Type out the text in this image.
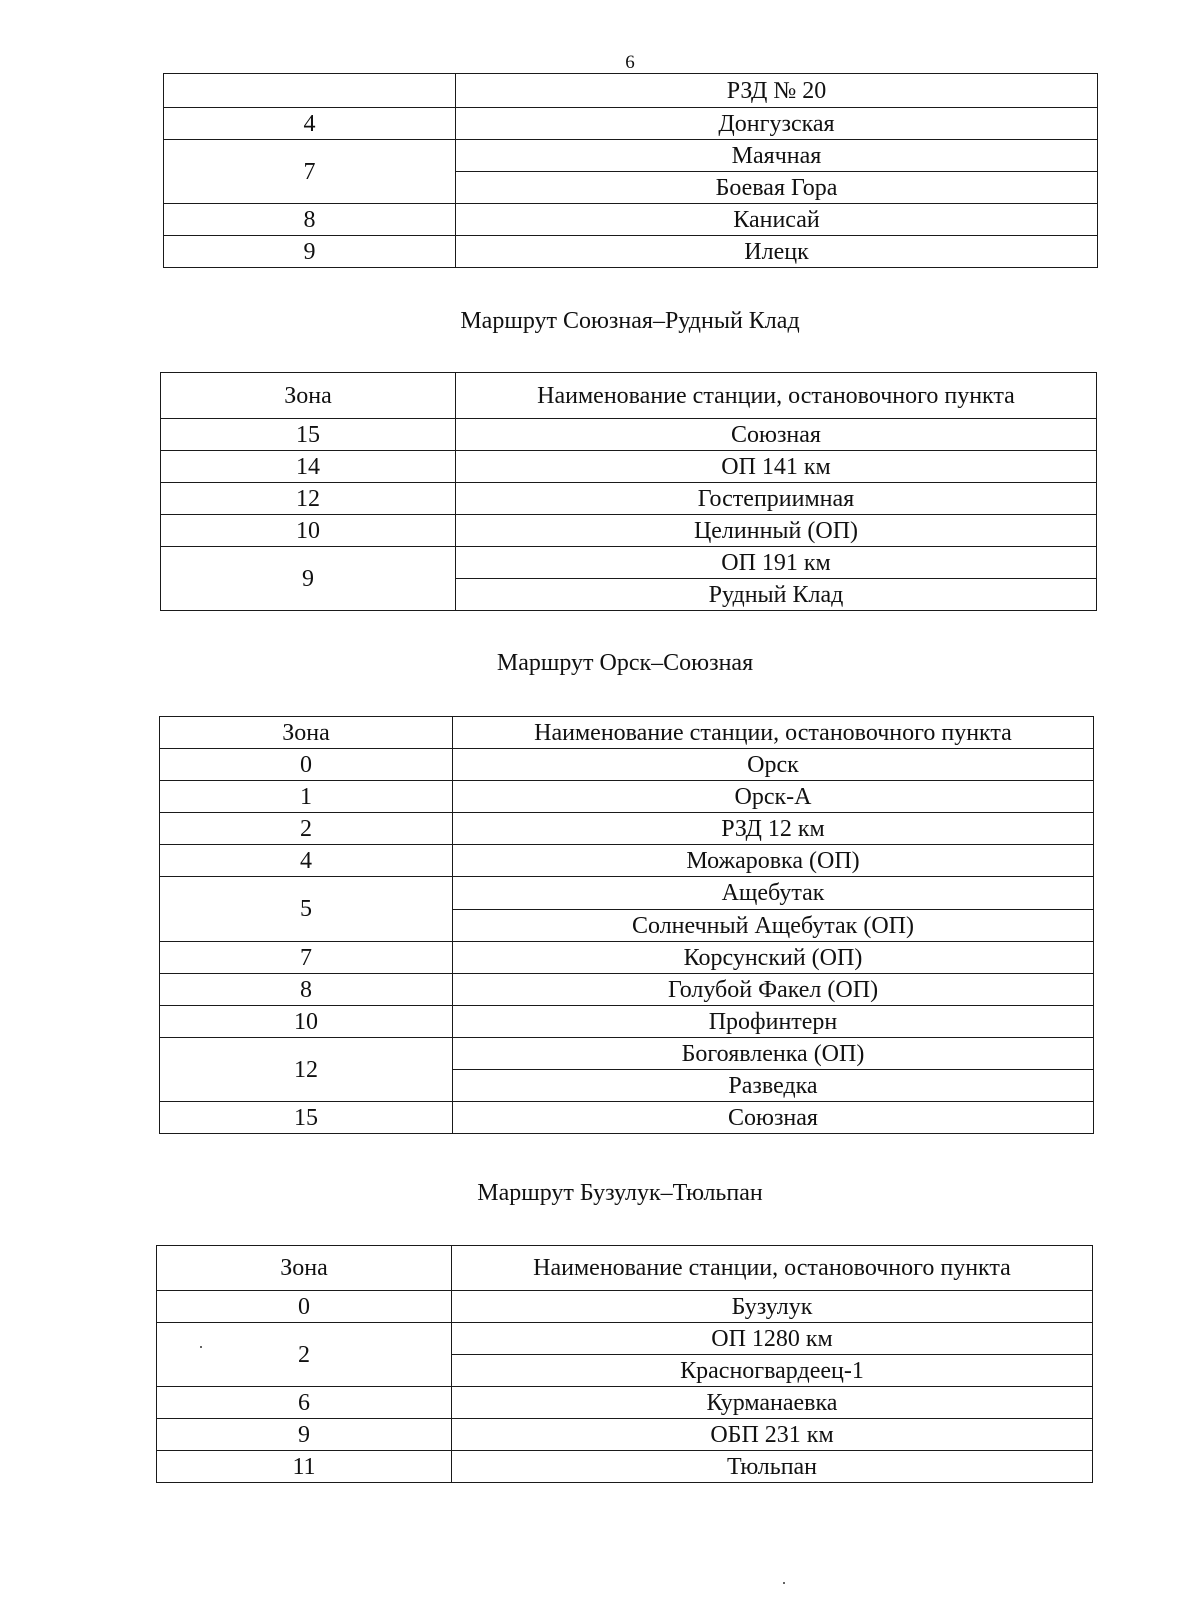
6
	РЗД № 20
4	Донгузская
7	Маячная
	Боевая Гора
8	Канисай
9	Илецк
Маршрут Союзная–Рудный Клад
Зона	Наименование станции, остановочного пункта
15	Союзная
14	ОП 141 км
12	Гостеприимная
10	Целинный (ОП)
9	ОП 191 км
	Рудный Клад
Маршрут Орск–Союзная
Зона	Наименование станции, остановочного пункта
0	Орск
1	Орск-А
2	РЗД 12 км
4	Можаровка (ОП)
5	Ащебутак
	Солнечный Ащебутак (ОП)
7	Корсунский (ОП)
8	Голубой Факел (ОП)
10	Профинтерн
12	Богоявленка (ОП)
	Разведка
15	Союзная
Маршрут Бузулук–Тюльпан
Зона	Наименование станции, остановочного пункта
0	Бузулук
2	ОП 1280 км
	Красногвардеец-1
6	Курманаевка
9	ОБП 231 км
11	Тюльпан
